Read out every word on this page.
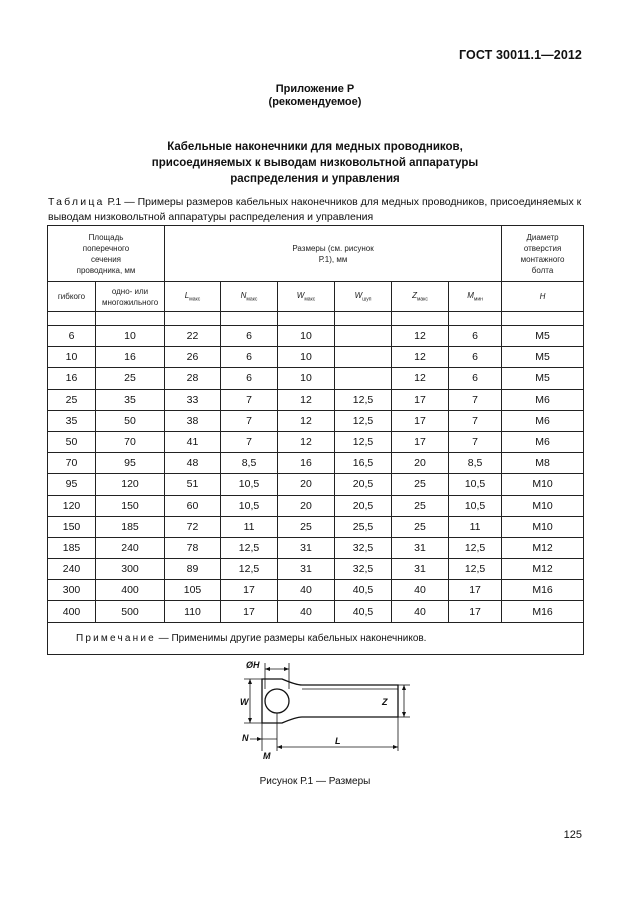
ГОСТ 30011.1—2012
Приложение Р
(рекомендуемое)
Кабельные наконечники для медных проводников,
присоединяемых к выводам низковольтной аппаратуры
распределения и управления
Таблица Р.1 — Примеры размеров кабельных наконечников для медных проводников, присоединяемых к выводам низковольтной аппаратуры распределения и управления
Площадь поперечного сечения проводника, мм		Размеры (см. рисунок Р.1), мм						Диаметр отверстия монтажного болта

гибкого	одно- или многожильного	$L_{макс}$	$N_{макс}$	$W_{макс}$	$W_{шуп}$	$Z_{макс}$	$M_{мин}$	H

6	10	22	6	10		12	6	M5
10	16	26	6	10		12	6	M5
16	25	28	6	10		12	6	M5
25	35	33	7	12	12,5	17	7	M6
35	50	38	7	12	12,5	17	7	M6
50	70	41	7	12	12,5	17	7	M6
70	95	48	8,5	16	16,5	20	8,5	M8
95	120	51	10,5	20	20,5	25	10,5	M10
120	150	60	10,5	20	20,5	25	10,5	M10
150	185	72	11	25	25,5	25	11	M10
185	240	78	12,5	31	32,5	31	12,5	M12
240	300	89	12,5	31	32,5	31	12,5	M12
300	400	105	17	40	40,5	40	17	M16
400	500	110	17	40	40,5	40	17	M16
Примечание — Применимы другие размеры кабельных наконечников.								
ØH
W	Z
N
M
L
Рисунок Р.1 — Размеры
125
